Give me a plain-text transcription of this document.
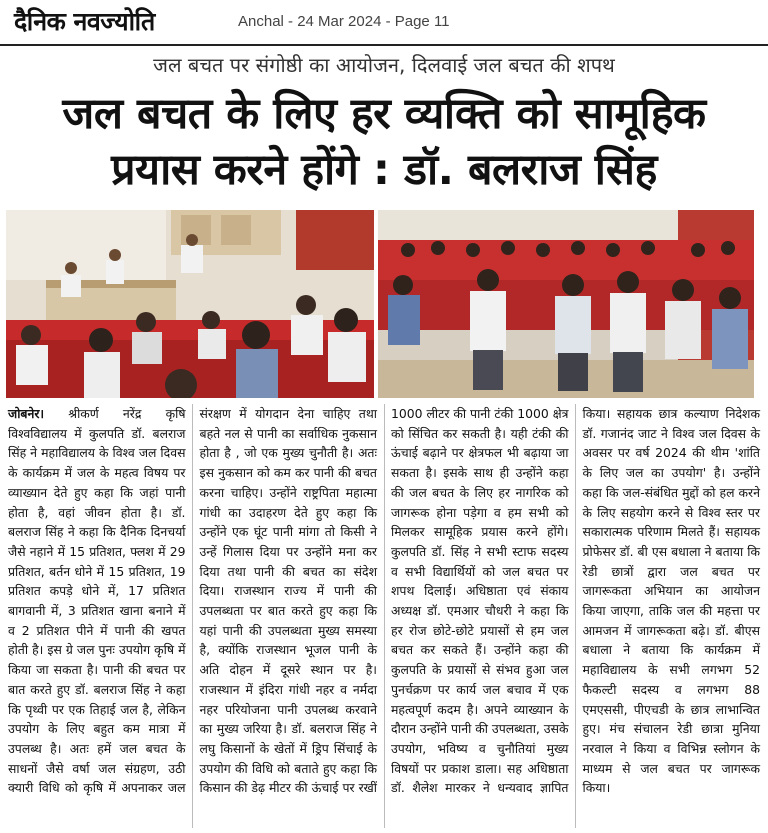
दैनिक नवज्योति	Anchal - 24 Mar 2024 - Page 11
जल बचत पर संगोष्ठी का आयोजन, दिलवाई जल बचत की शपथ
जल बचत के लिए हर व्यक्ति को सामूहिक
प्रयास करने होंगे : डॉ. बलराज सिंह

जोबनेर। श्रीकर्ण नरेंद्र कृषि विश्वविद्यालय में कुलपति डॉ. बलराज सिंह ने महाविद्यालय के विश्व जल दिवस के कार्यक्रम में जल के महत्व विषय पर व्याख्यान देते हुए कहा कि जहां पानी होता है, वहां जीवन होता है। डॉ. बलराज सिंह ने कहा कि दैनिक दिनचर्या जैसे नहाने में 15 प्रतिशत, फ्लश में 29 प्रतिशत, बर्तन धोने में 15 प्रतिशत, 19 प्रतिशत कपड़े धोने में, 17 प्रतिशत बागवानी में, 3 प्रतिशत खाना बनाने में व 2 प्रतिशत पीने में पानी की खपत होती है। इस ग्रे जल पुनः उपयोग कृषि में किया जा सकता है। पानी की बचत पर बात करते हुए डॉ. बलराज सिंह ने कहा कि पृथ्वी पर एक तिहाई जल है, लेकिन उपयोग के लिए बहुत कम मात्रा में उपलब्ध है। अतः हमें जल बचत के साधनों जैसे वर्षा जल संग्रहण, उठी क्यारी विधि को कृषि में अपनाकर जल संरक्षण में योगदान देना चाहिए तथा बहते नल से पानी का सर्वाधिक नुकसान होता है , जो एक मुख्य चुनौती है। अतः इस नुकसान को कम कर पानी की बचत करना चाहिए। उन्होंने राष्ट्रपिता महात्मा गांधी का उदाहरण देते हुए कहा कि उन्होंने एक घूंट पानी मांगा तो किसी ने उन्हें गिलास दिया पर उन्होंने मना कर दिया तथा पानी की बचत का संदेश दिया। राजस्थान राज्य में पानी की उपलब्धता पर बात करते हुए कहा कि यहां पानी की उपलब्धता मुख्य समस्या है, क्योंकि राजस्थान भूजल पानी के अति दोहन में दूसरे स्थान पर है। राजस्थान में इंदिरा गांधी नहर व नर्मदा नहर परियोजना पानी उपलब्ध करवाने का मुख्य जरिया है। डॉ. बलराज सिंह ने लघु किसानों के खेतों में ड्रिप सिंचाई के उपयोग की विधि को बताते हुए कहा कि किसान की डेढ़ मीटर की ऊंचाई पर रखीं 1000 लीटर की पानी टंकी 1000 क्षेत्र को सिंचित कर सकती है। यही टंकी की ऊंचाई बढ़ाने पर क्षेत्रफल भी बढ़ाया जा सकता है। इसके साथ ही उन्होंने कहा की जल बचत के लिए हर नागरिक को जागरूक होना पड़ेगा व हम सभी को मिलकर सामूहिक प्रयास करने होंगे। कुलपति डॉ. सिंह ने सभी स्टाफ सदस्य व सभी विद्यार्थियों को जल बचत पर शपथ दिलाई। अधिष्ठाता एवं संकाय अध्यक्ष डॉ. एमआर चौधरी ने कहा कि हर रोज छोटे-छोटे प्रयासों से हम जल बचत कर सकते हैं। उन्होंने कहा की कुलपति के प्रयासों से संभव हुआ जल पुनर्चक्रण पर कार्य जल बचाव में एक महत्वपूर्ण कदम है। अपने व्याख्यान के दौरान उन्होंने पानी की उपलब्धता, उसके उपयोग, भविष्य व चुनौतियां मुख्य विषयों पर प्रकाश डाला। सह अधिष्ठाता डॉ. शैलेश मारकर ने धन्यवाद ज्ञापित किया। सहायक छात्र कल्याण निदेशक डॉ. गजानंद जाट ने विश्व जल दिवस के अवसर पर वर्ष 2024 की थीम 'शांति के लिए जल का उपयोग' है। उन्होंने कहा कि जल-संबंधित मुद्दों को हल करने के लिए सहयोग करने से विश्व स्तर पर सकारात्मक परिणाम मिलते हैं। सहायक प्रोफेसर डॉ. बी एस बधाला ने बताया कि रेडी छात्रों द्वारा जल बचत पर जागरूकता अभियान का आयोजन किया जाएगा, ताकि जल की महत्ता पर आमजन में जागरूकता बढ़े। डॉ. बीएस बधाला ने बताया कि कार्यक्रम में महाविद्यालय के सभी लगभग 52 फैकल्टी सदस्य व लगभग 88 एमएससी, पीएचडी के छात्र लाभान्वित हुए। मंच संचालन रेडी छात्रा मुनिया नरवाल ने किया व विभिन्न स्लोगन के माध्यम से जल बचत पर जागरूक किया।
